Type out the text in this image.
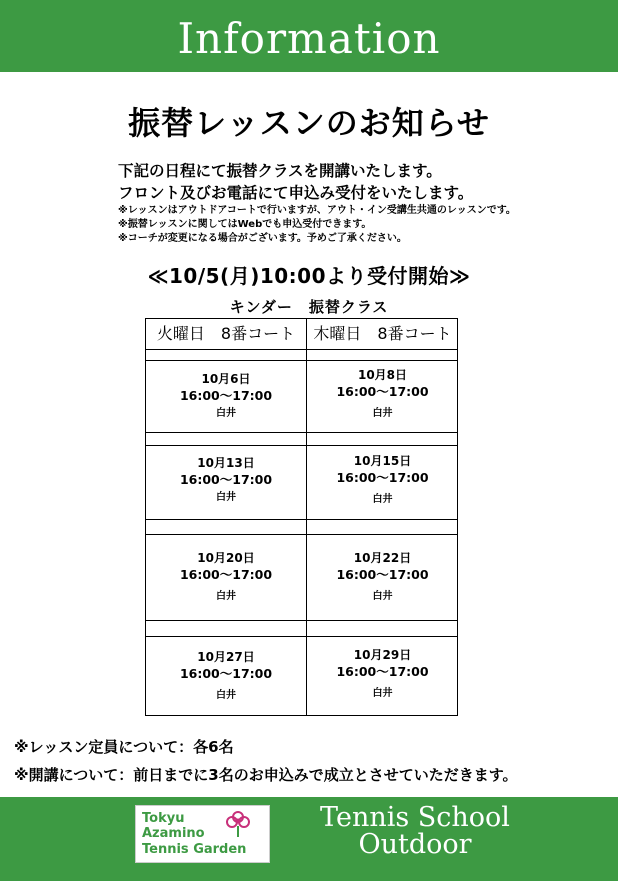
Information
振替レッスンのお知らせ
下記の日程にて振替クラスを開講いたします。
フロント及びお電話にて申込み受付をいたします。
※レッスンはアウトドアコートで行いますが、アウト・イン受講生共通のレッスンです。
※振替レッスンに関してはWebでも申込受付できます。
※コーチが変更になる場合がございます。予めご了承ください。
≪10/5(月)10:00より受付開始≫
キンダー　振替クラス
火曜日　8番コート	木曜日　8番コート
10月6日
16:00～17:00
白井
10月8日
16:00～17:00
白井
10月13日
16:00～17:00
白井
10月15日
16:00～17:00
白井
10月20日
16:00～17:00
白井
10月22日
16:00～17:00
白井
10月27日
16:00～17:00
白井
10月29日
16:00～17:00
白井
※レッスン定員について：各6名
※開講について：前日までに3名のお申込みで成立とさせていただきます。
Tokyu
Azamino
Tennis Garden
Tennis School
Outdoor
